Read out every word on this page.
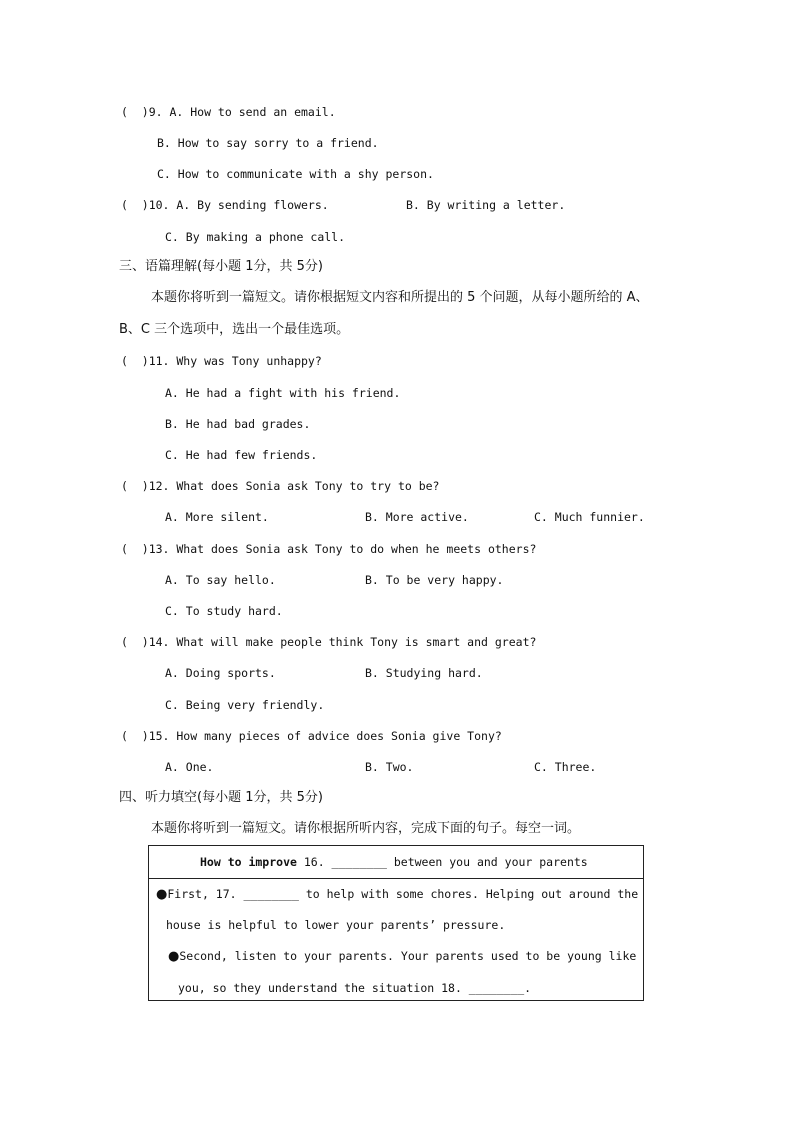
(  )9. A. How to send an email.
B. How to say sorry to a friend.
C. How to communicate with a shy person.
(  )10. A. By sending flowers.	B. By writing a letter.
C. By making a phone call.
三、语篇理解(每小题 1分，共 5分)
本题你将听到一篇短文。请你根据短文内容和所提出的 5 个问题，从每小题所给的 A、
B、C 三个选项中，选出一个最佳选项。
(  )11. Why was Tony unhappy?
A. He had a fight with his friend.
B. He had bad grades.
C. He had few friends.
(  )12. What does Sonia ask Tony to try to be?
A. More silent.	B. More active.	C. Much funnier.
(  )13. What does Sonia ask Tony to do when he meets others?
A. To say hello.	B. To be very happy.
C. To study hard.
(  )14. What will make people think Tony is smart and great?
A. Doing sports.	B. Studying hard.
C. Being very friendly.
(  )15. How many pieces of advice does Sonia give Tony?
A. One.	B. Two.	C. Three.
四、听力填空(每小题 1分，共 5分)
本题你将听到一篇短文。请你根据所听内容，完成下面的句子。每空一词。
How to improve 16. ________ between you and your parents
●First, 17. ________ to help with some chores. Helping out around the
house is helpful to lower your parents’ pressure.
●Second, listen to your parents. Your parents used to be young like
you, so they understand the situation 18. ________.
